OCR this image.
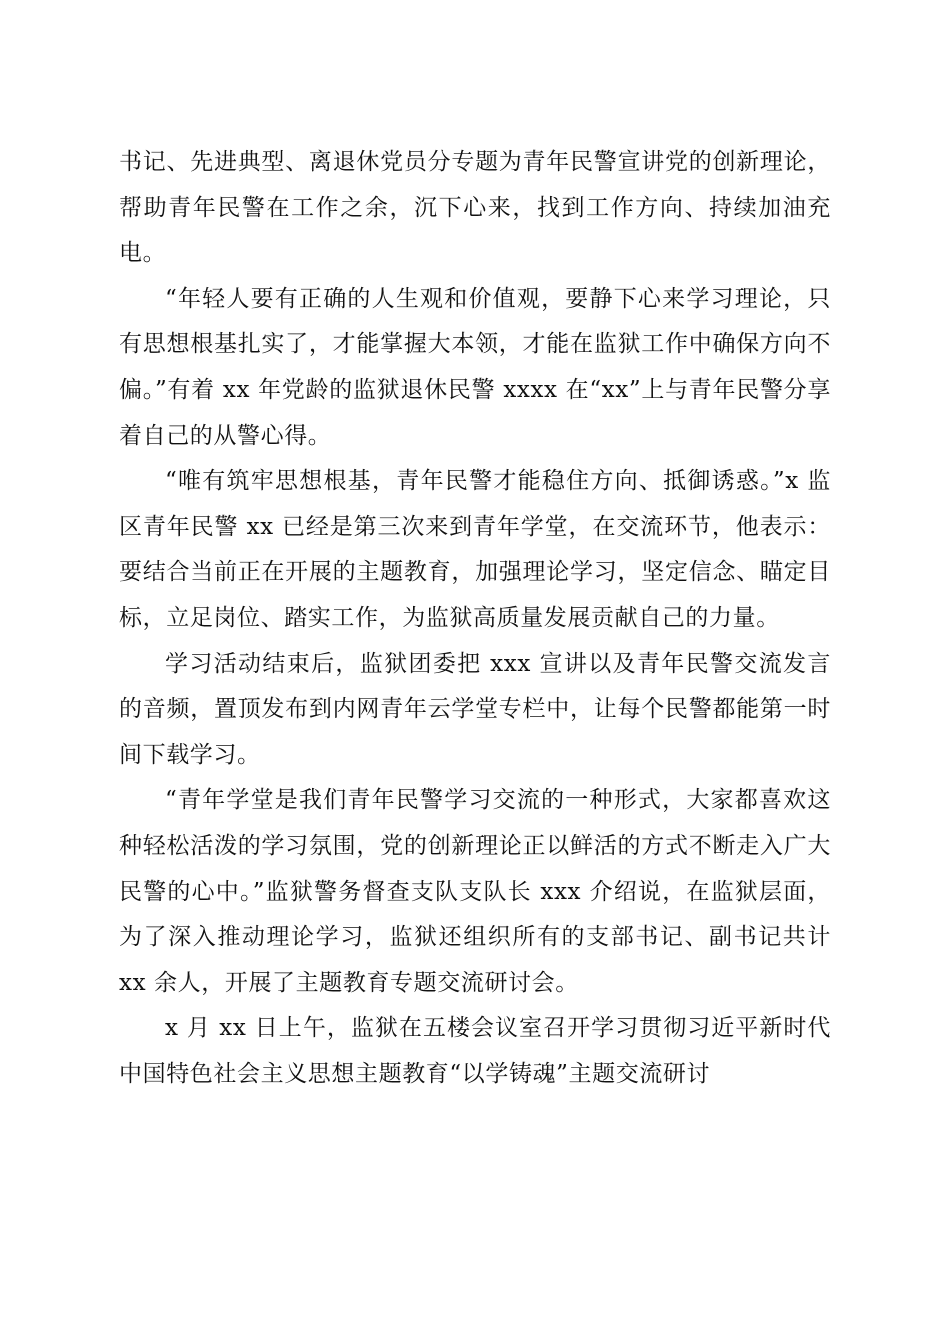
书记、先进典型、离退休党员分专题为青年民警宣讲党的创新理论，帮助青年民警在工作之余，沉下心来，找到工作方向、持续加油充电。

“年轻人要有正确的人生观和价值观，要静下心来学习理论，只有思想根基扎实了，才能掌握大本领，才能在监狱工作中确保方向不偏。”有着 xx 年党龄的监狱退休民警 xxxx 在“xx”上与青年民警分享着自己的从警心得。

“唯有筑牢思想根基，青年民警才能稳住方向、抵御诱惑。”x 监区青年民警 xx 已经是第三次来到青年学堂，在交流环节，他表示：要结合当前正在开展的主题教育，加强理论学习，坚定信念、瞄定目标，立足岗位、踏实工作，为监狱高质量发展贡献自己的力量。

学习活动结束后，监狱团委把 xxx 宣讲以及青年民警交流发言的音频，置顶发布到内网青年云学堂专栏中，让每个民警都能第一时间下载学习。

“青年学堂是我们青年民警学习交流的一种形式，大家都喜欢这种轻松活泼的学习氛围，党的创新理论正以鲜活的方式不断走入广大民警的心中。”监狱警务督查支队支队长 xxx 介绍说，在监狱层面，为了深入推动理论学习，监狱还组织所有的支部书记、副书记共计 xx 余人，开展了主题教育专题交流研讨会。

x 月 xx 日上午，监狱在五楼会议室召开学习贯彻习近平新时代中国特色社会主义思想主题教育“以学铸魂”主题交流研讨
